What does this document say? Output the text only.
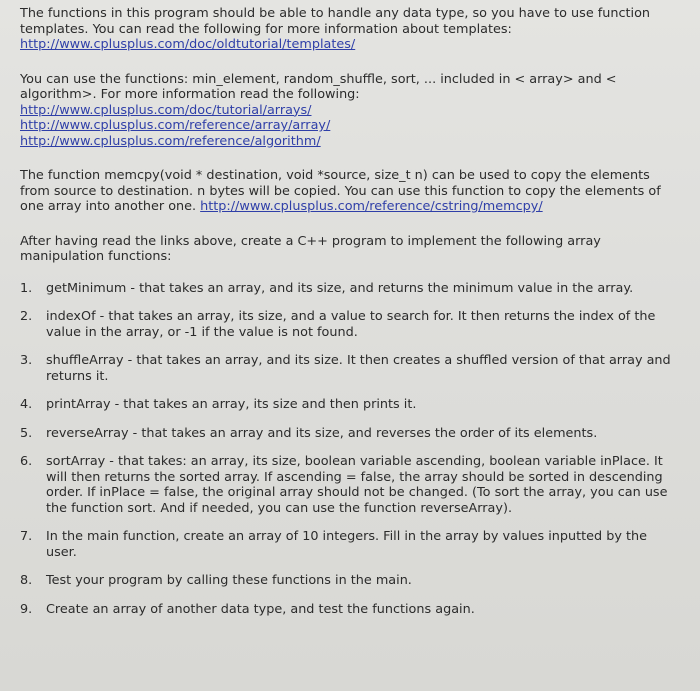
The functions in this program should be able to handle any data type, so you have to use function templates. You can read the following for more information about templates:

http://www.cplusplus.com/doc/oldtutorial/templates/

You can use the functions: min_element, random_shuffle, sort, ... included in < array> and < algorithm>. For more information read the following:

http://www.cplusplus.com/doc/tutorial/arrays/
http://www.cplusplus.com/reference/array/array/
http://www.cplusplus.com/reference/algorithm/

The function memcpy(void * destination, void *source, size_t n) can be used to copy the elements from source to destination. n bytes will be copied. You can use this function to copy the elements of one array into another one. http://www.cplusplus.com/reference/cstring/memcpy/

After having read the links above, create a C++ program to implement the following array manipulation functions:

1.	getMinimum - that takes an array, and its size, and returns the minimum value in the array.
2.	indexOf - that takes an array, its size, and a value to search for. It then returns the index of the value in the array, or -1 if the value is not found.
3.	shuffleArray - that takes an array, and its size. It then creates a shuffled version of that array and returns it.
4.	printArray - that takes an array, its size and then prints it.
5.	reverseArray - that takes an array and its size, and reverses the order of its elements.
6.	sortArray - that takes: an array, its size, boolean variable ascending, boolean variable inPlace. It will then returns the sorted array. If ascending = false, the array should be sorted in descending order. If inPlace = false, the original array should not be changed. (To sort the array, you can use the function sort. And if needed, you can use the function reverseArray).
7.	In the main function, create an array of 10 integers. Fill in the array by values inputted by the user.
8.	Test your program by calling these functions in the main.
9.	Create an array of another data type, and test the functions again.
